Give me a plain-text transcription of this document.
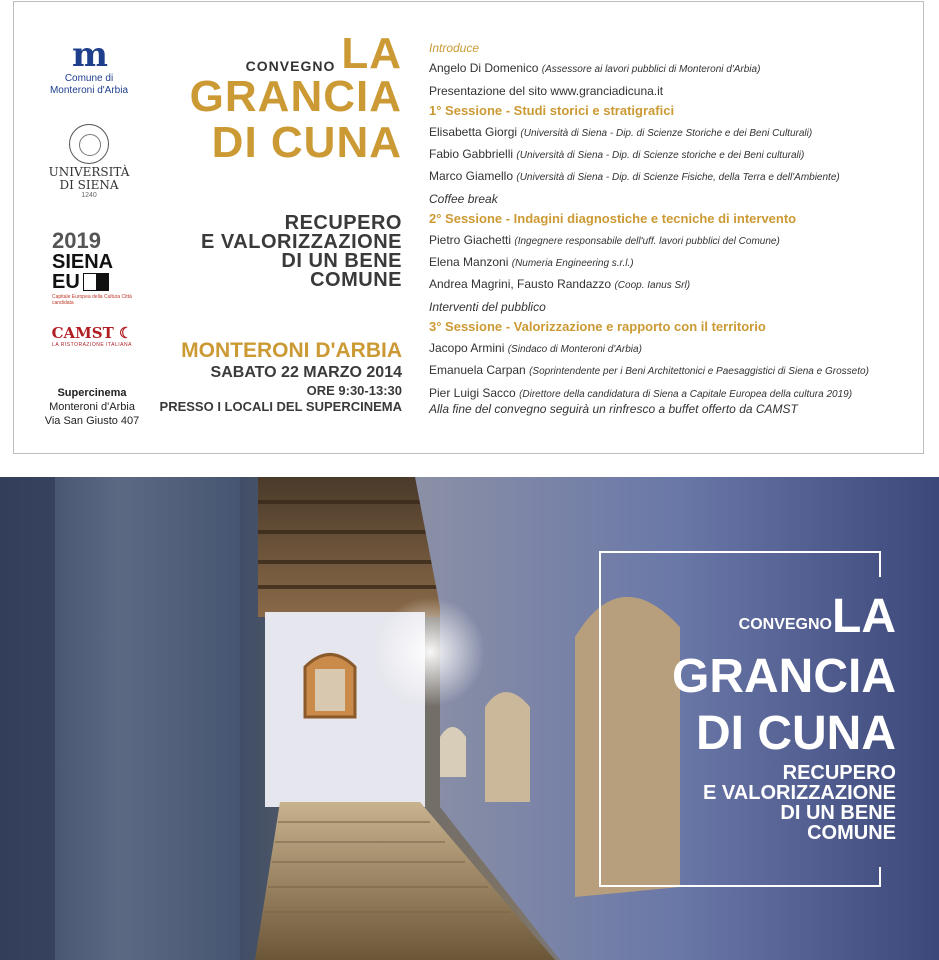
m
Comune di
Monteroni d'Arbia
UNIVERSITÀ
DI SIENA
1240
2019
SIENA
EU
Capitale Europea della Cultura Città candidata
CAMST ☾
LA RISTORAZIONE ITALIANA
Supercinema
Monteroni d'Arbia
Via San Giusto 407
CONVEGNO LA
GRANCIA
DI CUNA
RECUPERO
E VALORIZZAZIONE
DI UN BENE
COMUNE
MONTERONI D'ARBIA
SABATO 22 MARZO 2014
ORE 9:30-13:30
PRESSO I LOCALI DEL SUPERCINEMA
Introduce
Angelo Di Domenico (Assessore ai lavori pubblici di Monteroni d'Arbia)
Presentazione del sito www.granciadicuna.it
1° Sessione - Studi storici e stratigrafici
Elisabetta Giorgi (Università di Siena - Dip. di Scienze Storiche e dei Beni Culturali)
Fabio Gabbrielli (Università di Siena - Dip. di Scienze storiche e dei Beni culturali)
Marco Giamello (Università di Siena - Dip. di Scienze Fisiche, della Terra e dell'Ambiente)
Coffee break
2° Sessione - Indagini diagnostiche e tecniche di intervento
Pietro Giachetti (Ingegnere responsabile dell'uff. lavori pubblici del Comune)
Elena Manzoni (Numeria Engineering s.r.l.)
Andrea Magrini, Fausto Randazzo (Coop. Ianus Srl)
Interventi del pubblico
3° Sessione - Valorizzazione e rapporto con il territorio
Jacopo Armini (Sindaco di Monteroni d'Arbia)
Emanuela Carpan (Soprintendente per i Beni Architettonici e Paesaggistici di Siena e Grosseto)
Pier Luigi Sacco (Direttore della candidatura di Siena a Capitale Europea della cultura 2019)
Alla fine del convegno seguirà un rinfresco a buffet offerto da CAMST
CONVEGNO LA
GRANCIA
DI CUNA
RECUPERO
E VALORIZZAZIONE
DI UN BENE
COMUNE
